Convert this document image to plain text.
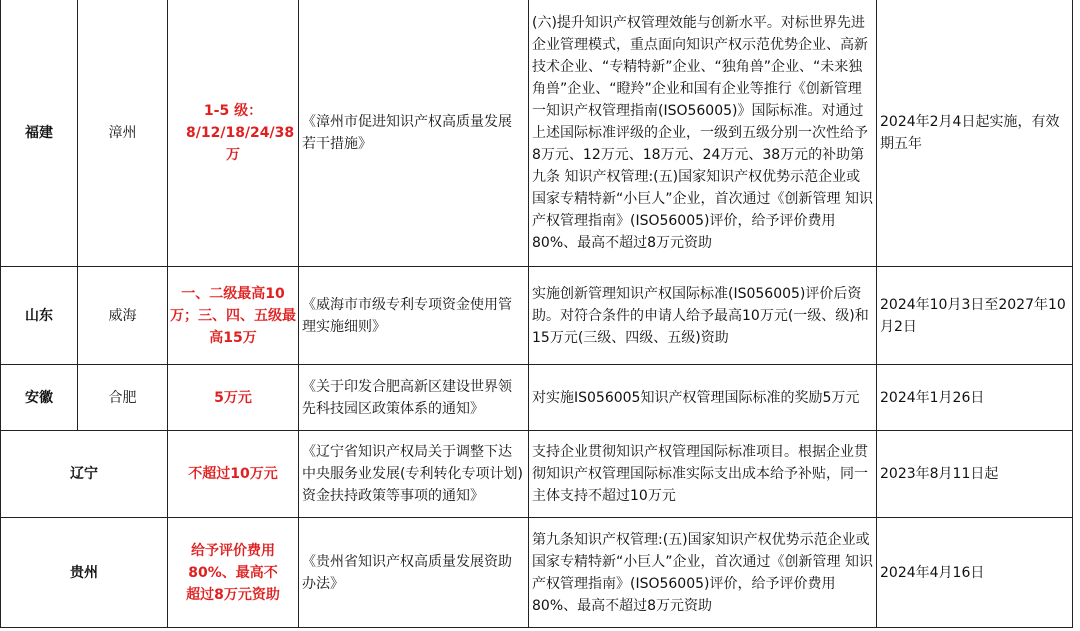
福建	漳州	1-5 级：8/12/18/24/38万	《漳州市促进知识产权高质量发展若干措施》	(六)提升知识产权管理效能与创新水平。对标世界先进企业管理模式，重点面向知识产权示范优势企业、高新技术企业、“专精特新”企业、“独角兽”企业、“未来独角兽”企业、“瞪羚”企业和国有企业等推行《创新管理一知识产权管理指南(ISO56005)》国际标准。对通过上述国际标准评级的企业，一级到五级分别一次性给予8万元、12万元、18万元、24万元、38万元的补助第九条 知识产权管理:(五)国家知识产权优势示范企业或国家专精特新“小巨人”企业，首次通过《创新管理 知识产权管理指南》(ISO56005)评价，给予评价费用80%、最高不超过8万元资助	2024年2月4日起实施，有效期五年
山东	威海	一、二级最高10万；三、四、五级最高15万	《威海市市级专利专项资金使用管理实施细则》	实施创新管理知识产权国际标准(IS056005)评价后资助。对符合条件的申请人给予最高10万元(一级、级)和15万元(三级、四级、五级)资助	2024年10月3日至2027年10月2日
安徽	合肥	5万元	《关于印发合肥高新区建设世界领先科技园区政策体系的通知》	对实施IS056005知识产权管理国际标准的奖励5万元	2024年1月26日
辽宁		不超过10万元	《辽宁省知识产权局关于调整下达中央服务业发展(专利转化专项计划)资金扶持政策等事项的通知》	支持企业贯彻知识产权管理国际标准项目。根据企业贯彻知识产权管理国际标准实际支出成本给予补贴，同一主体支持不超过10万元	2023年8月11日起
贵州		给予评价费用80%、最高不超过8万元资助	《贵州省知识产权高质量发展资助办法》	第九条知识产权管理:(五)国家知识产权优势示范企业或国家专精特新“小巨人”企业，首次通过《创新管理 知识产权管理指南》(ISO56005)评价，给予评价费用80%、最高不超过8万元资助	2024年4月16日
